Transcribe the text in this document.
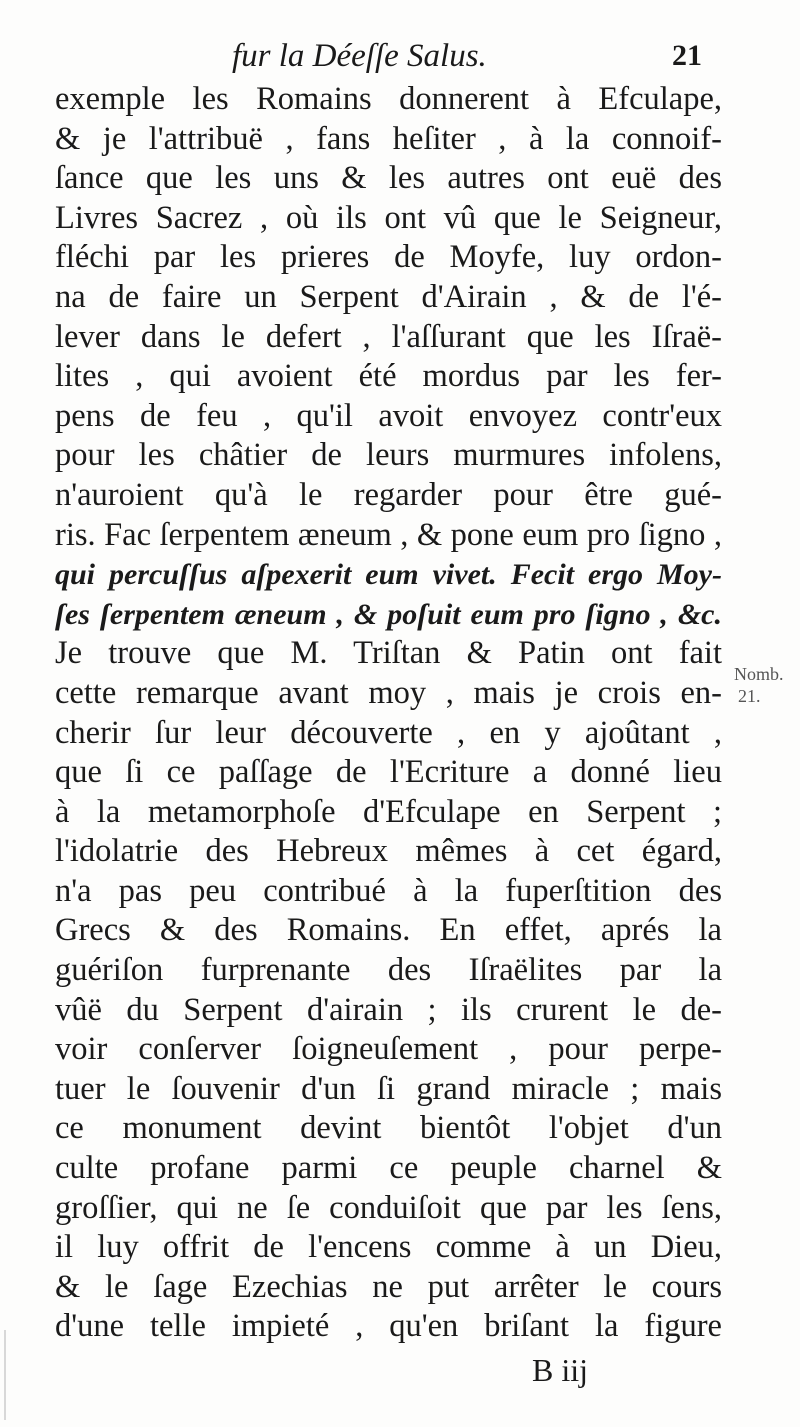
fur la Déeſſe Salus.	21
exemple les Romains donnerent à Efculape,
& je l'attribuë , fans heſiter , à la connoif-
ſance que les uns & les autres ont euë des
Livres Sacrez , où ils ont vû que le Seigneur,
fléchi par les prieres de Moyfe, luy ordon-
na de faire un Serpent d'Airain , & de l'é-
lever dans le defert , l'aſſurant que les Iſraë-
lites , qui avoient été mordus par les fer-
pens de feu , qu'il avoit envoyez contr'eux
pour les châtier de leurs murmures infolens,
n'auroient qu'à le regarder pour être gué-
ris. Fac ſerpentem æneum , & pone eum pro ſigno ,
qui percuſſus aſpexerit eum vivet. Fecit ergo Moy-
ſes ſerpentem æneum , & poſuit eum pro ſigno , &c.
Je trouve que M. Triſtan & Patin ont fait
cette remarque avant moy , mais je crois en-
cherir ſur leur découverte , en y ajoûtant ,
que ſi ce paſſage de l'Ecriture a donné lieu
à la metamorphoſe d'Efculape en Serpent ;
l'idolatrie des Hebreux mêmes à cet égard,
n'a pas peu contribué à la fuperſtition des
Grecs & des Romains. En effet, aprés la
guériſon furprenante des Iſraëlites par la
vûë du Serpent d'airain ; ils crurent le de-
voir conſerver ſoigneuſement , pour perpe-
tuer le ſouvenir d'un ſi grand miracle ; mais
ce monument devint bientôt l'objet d'un
culte profane parmi ce peuple charnel &
groſſier, qui ne ſe conduiſoit que par les ſens,
il luy offrit de l'encens comme à un Dieu,
& le ſage Ezechias ne put arrêter le cours
d'une telle impieté , qu'en briſant la figure
Nomb.
21.
B iij
